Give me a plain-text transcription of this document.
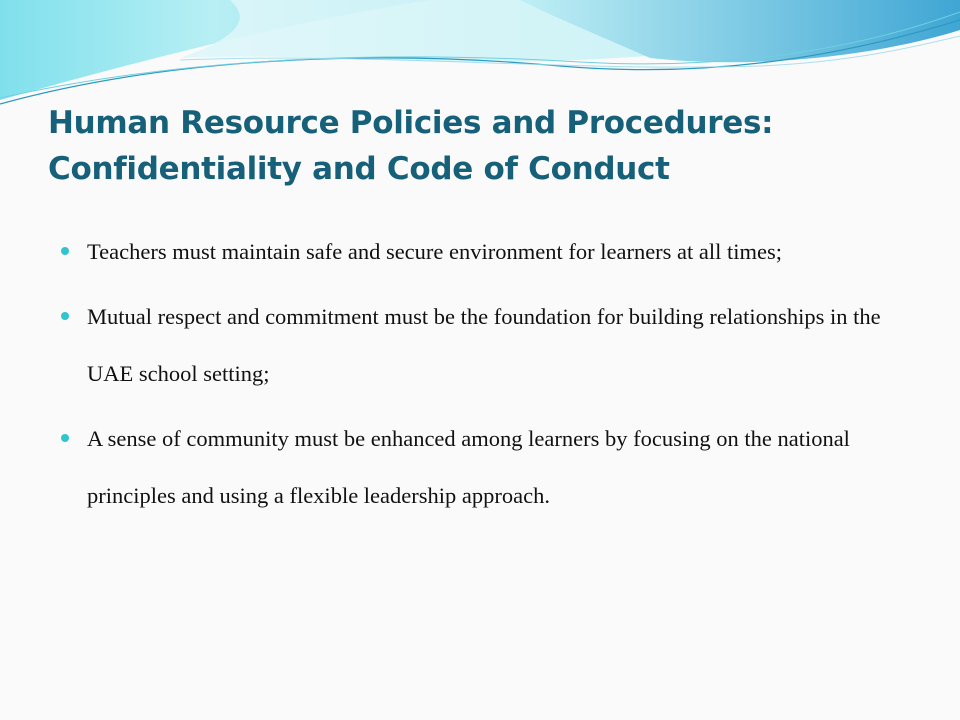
Human Resource Policies and Procedures:
Confidentiality and Code of Conduct
Teachers must maintain safe and secure environment for learners at all times;
Mutual respect and commitment must be the foundation for building relationships in the UAE school setting;
A sense of community must be enhanced among learners by focusing on the national principles and using a flexible leadership approach.
